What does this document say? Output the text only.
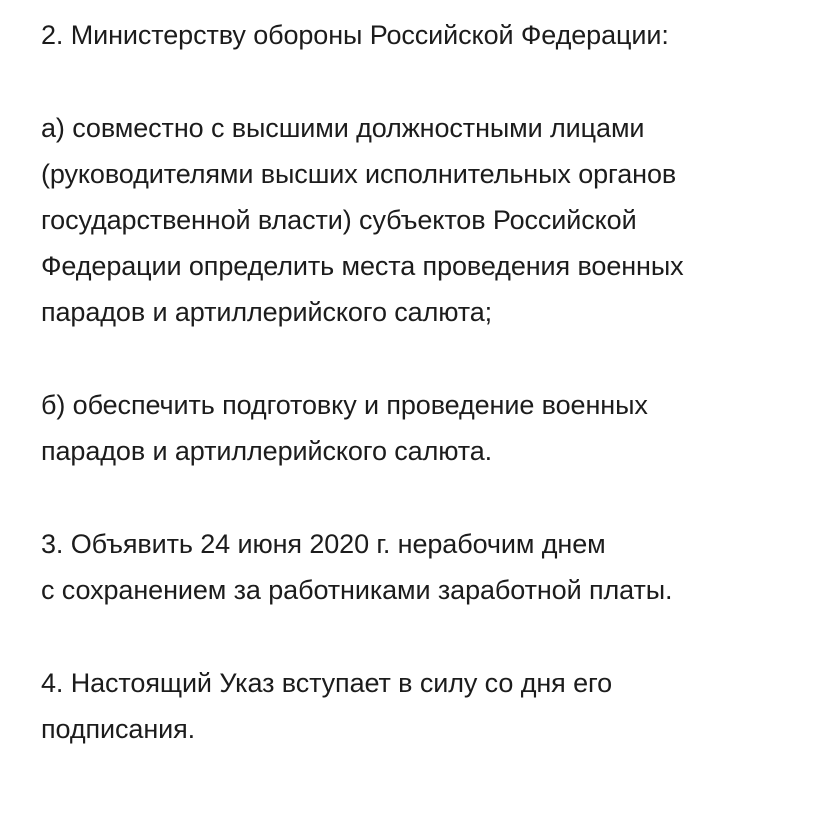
2. Министерству обороны Российской Федерации:

а) совместно с высшими должностными лицами
(руководителями высших исполнительных органов
государственной власти) субъектов Российской
Федерации определить места проведения военных
парадов и артиллерийского салюта;

б) обеспечить подготовку и проведение военных
парадов и артиллерийского салюта.

3. Объявить 24 июня 2020 г. нерабочим днем
с сохранением за работниками заработной платы.

4. Настоящий Указ вступает в силу со дня его
подписания.
